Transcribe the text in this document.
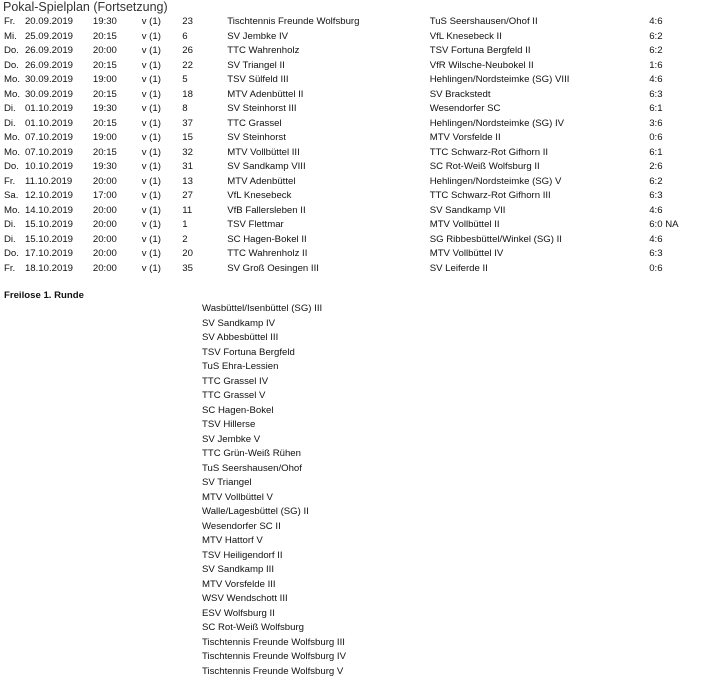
Pokal-Spielplan (Fortsetzung)
Fr.	20.09.2019	19:30	v (1)	23	Tischtennis Freunde Wolfsburg	TuS Seershausen/Ohof II	4:6
Mi.	25.09.2019	20:15	v (1)	6	SV Jembke IV	VfL Knesebeck II	6:2
Do.	26.09.2019	20:00	v (1)	26	TTC Wahrenholz	TSV Fortuna Bergfeld II	6:2
Do.	26.09.2019	20:15	v (1)	22	SV Triangel II	VfR Wilsche-Neubokel II	1:6
Mo.	30.09.2019	19:00	v (1)	5	TSV Sülfeld III	Hehlingen/Nordsteimke (SG) VIII	4:6
Mo.	30.09.2019	20:15	v (1)	18	MTV Adenbüttel II	SV Brackstedt	6:3
Di.	01.10.2019	19:30	v (1)	8	SV Steinhorst III	Wesendorfer SC	6:1
Di.	01.10.2019	20:15	v (1)	37	TTC Grassel	Hehlingen/Nordsteimke (SG) IV	3:6
Mo.	07.10.2019	19:00	v (1)	15	SV Steinhorst	MTV Vorsfelde II	0:6
Mo.	07.10.2019	20:15	v (1)	32	MTV Vollbüttel III	TTC Schwarz-Rot Gifhorn II	6:1
Do.	10.10.2019	19:30	v (1)	31	SV Sandkamp VIII	SC Rot-Weiß Wolfsburg II	2:6
Fr.	11.10.2019	20:00	v (1)	13	MTV Adenbüttel	Hehlingen/Nordsteimke (SG) V	6:2
Sa.	12.10.2019	17:00	v (1)	27	VfL Knesebeck	TTC Schwarz-Rot Gifhorn III	6:3
Mo.	14.10.2019	20:00	v (1)	11	VfB Fallersleben II	SV Sandkamp VII	4:6
Di.	15.10.2019	20:00	v (1)	1	TSV Flettmar	MTV Vollbüttel II	6:0 NA
Di.	15.10.2019	20:00	v (1)	2	SC Hagen-Bokel II	SG Ribbesbüttel/Winkel (SG) II	4:6
Do.	17.10.2019	20:00	v (1)	20	TTC Wahrenholz II	MTV Vollbüttel IV	6:3
Fr.	18.10.2019	20:00	v (1)	35	SV Groß Oesingen III	SV Leiferde II	0:6
Freilose 1. Runde
Wasbüttel/Isenbüttel (SG) III
SV Sandkamp IV
SV Abbesbüttel III
TSV Fortuna Bergfeld
TuS Ehra-Lessien
TTC Grassel IV
TTC Grassel V
SC Hagen-Bokel
TSV Hillerse
SV Jembke V
TTC Grün-Weiß Rühen
TuS Seershausen/Ohof
SV Triangel
MTV Vollbüttel V
Walle/Lagesbüttel (SG) II
Wesendorfer SC II
MTV Hattorf V
TSV Heiligendorf II
SV Sandkamp III
MTV Vorsfelde III
WSV Wendschott III
ESV Wolfsburg II
SC Rot-Weiß Wolfsburg
Tischtennis Freunde Wolfsburg III
Tischtennis Freunde Wolfsburg IV
Tischtennis Freunde Wolfsburg V
